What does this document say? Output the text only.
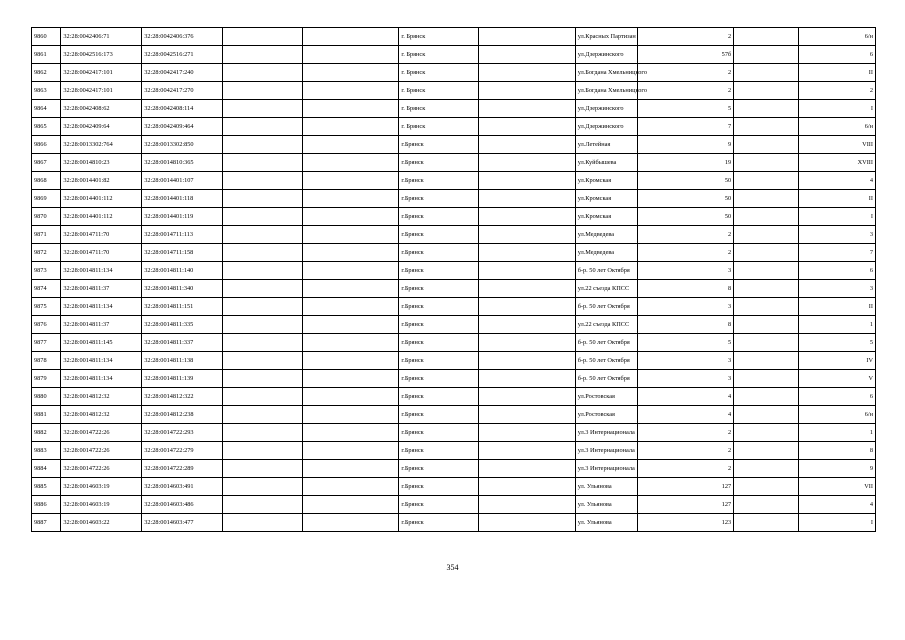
9860	32:28:0042406:71	32:28:0042406:376			г. Брянск		ул.Красных Партизан	2		6/н
9861	32:28:0042516:173	32:28:0042516:271			г. Брянск		ул.Дзержинского	57б		6
9862	32:28:0042417:101	32:28:0042417:240			г. Брянск		ул.Богдана Хмельницкого	2		II
9863	32:28:0042417:101	32:28:0042417:270			г. Брянск		ул.Богдана Хмельницкого	2		2
9864	32:28:0042408:62	32:28:0042408:114			г. Брянск		ул.Дзержинского	5		I
9865	32:28:0042409:64	32:28:0042409:464			г. Брянск		ул.Дзержинского	7		6/н
9866	32:28:0013302:764	32:28:0013302:850			г.Брянск		ул.Летейная	9		VIII
9867	32:28:0014810:23	32:28:0014810:365			г.Брянск		ул.Куйбышева	19		XVIII
9868	32:28:0014401:82	32:28:0014401:107			г.Брянск		ул.Кромская	50		4
9869	32:28:0014401:112	32:28:0014401:118			г.Брянск		ул.Кромская	50		II
9870	32:28:0014401:112	32:28:0014401:119			г.Брянск		ул.Кромская	50		I
9871	32:28:0014711:70	32:28:0014711:113			г.Брянск		ул.Медведева	2		3
9872	32:28:0014711:70	32:28:0014711:158			г.Брянск		ул.Медведева	2		7
9873	32:28:0014811:134	32:28:0014811:140			г.Брянск		б-р. 50 лет Октября	3		6
9874	32:28:0014811:37	32:28:0014811:340			г.Брянск		ул.22 съезда КПСС	8		3
9875	32:28:0014811:134	32:28:0014811:151			г.Брянск		б-р. 50 лет Октября	3		II
9876	32:28:0014811:37	32:28:0014811:335			г.Брянск		ул.22 съезда КПСС	8		1
9877	32:28:0014811:145	32:28:0014811:337			г.Брянск		б-р. 50 лет Октября	5		5
9878	32:28:0014811:134	32:28:0014811:138			г.Брянск		б-р. 50 лет Октября	3		IV
9879	32:28:0014811:134	32:28:0014811:139			г.Брянск		б-р. 50 лет Октября	3		V
9880	32:28:0014812:32	32:28:0014812:322			г.Брянск		ул.Ростовская	4		6
9881	32:28:0014812:32	32:28:0014812:238			г.Брянск		ул.Ростовская	4		6/н
9882	32:28:0014722:26	32:28:0014722:293			г.Брянск		ул.3 Интернационала	2		1
9883	32:28:0014722:26	32:28:0014722:279			г.Брянск		ул.3 Интернационала	2		8
9884	32:28:0014722:26	32:28:0014722:289			г.Брянск		ул.3 Интернационала	2		9
9885	32:28:0014603:19	32:28:0014603:491			г.Брянск		ул. Ульянова	127		VII
9886	32:28:0014603:19	32:28:0014603:486			г.Брянск		ул. Ульянова	127		4
9887	32:28:0014603:22	32:28:0014603:477			г.Брянск		ул. Ульянова	123		I
354
